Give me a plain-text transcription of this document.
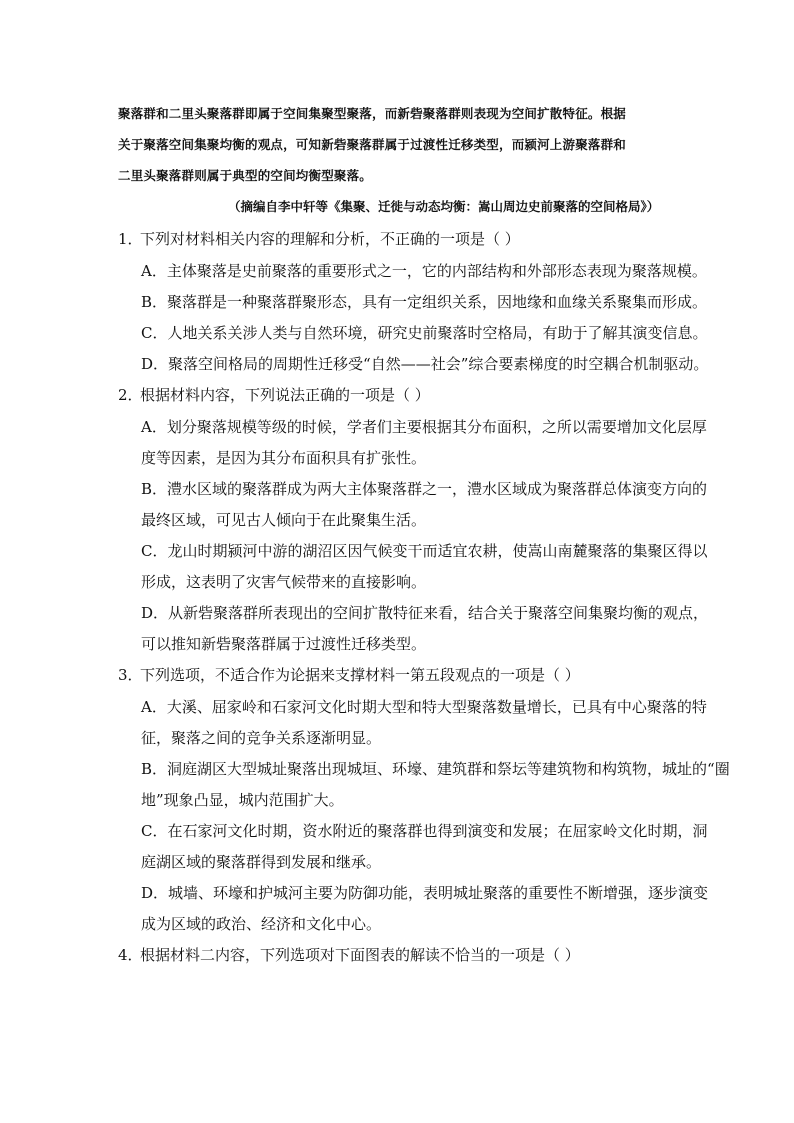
聚落群和二里头聚落群即属于空间集聚型聚落，而新砦聚落群则表现为空间扩散特征。根据
关于聚落空间集聚均衡的观点，可知新砦聚落群属于过渡性迁移类型，而颍河上游聚落群和
二里头聚落群则属于典型的空间均衡型聚落。
（摘编自李中轩等《集聚、迁徙与动态均衡：嵩山周边史前聚落的空间格局》）
1．下列对材料相关内容的理解和分析，不正确的一项是（ ）
A．主体聚落是史前聚落的重要形式之一，它的内部结构和外部形态表现为聚落规模。
B．聚落群是一种聚落群聚形态，具有一定组织关系，因地缘和血缘关系聚集而形成。
C．人地关系关涉人类与自然环境，研究史前聚落时空格局，有助于了解其演变信息。
D．聚落空间格局的周期性迁移受“自然——社会”综合要素梯度的时空耦合机制驱动。
2．根据材料内容，下列说法正确的一项是（ ）
A．划分聚落规模等级的时候，学者们主要根据其分布面积，之所以需要增加文化层厚
度等因素，是因为其分布面积具有扩张性。
B．澧水区域的聚落群成为两大主体聚落群之一，澧水区域成为聚落群总体演变方向的
最终区域，可见古人倾向于在此聚集生活。
C．龙山时期颍河中游的湖沼区因气候变干而适宜农耕，使嵩山南麓聚落的集聚区得以
形成，这表明了灾害气候带来的直接影响。
D．从新砦聚落群所表现出的空间扩散特征来看，结合关于聚落空间集聚均衡的观点，
可以推知新砦聚落群属于过渡性迁移类型。
3．下列选项，不适合作为论据来支撑材料一第五段观点的一项是（ ）
A．大溪、屈家岭和石家河文化时期大型和特大型聚落数量增长，已具有中心聚落的特
征，聚落之间的竞争关系逐渐明显。
B．洞庭湖区大型城址聚落出现城垣、环壕、建筑群和祭坛等建筑物和构筑物，城址的“圈
地”现象凸显，城内范围扩大。
C．在石家河文化时期，资水附近的聚落群也得到演变和发展；在屈家岭文化时期，洞
庭湖区域的聚落群得到发展和继承。
D．城墙、环壕和护城河主要为防御功能，表明城址聚落的重要性不断增强，逐步演变
成为区域的政治、经济和文化中心。
4．根据材料二内容，下列选项对下面图表的解读不恰当的一项是（ ）
